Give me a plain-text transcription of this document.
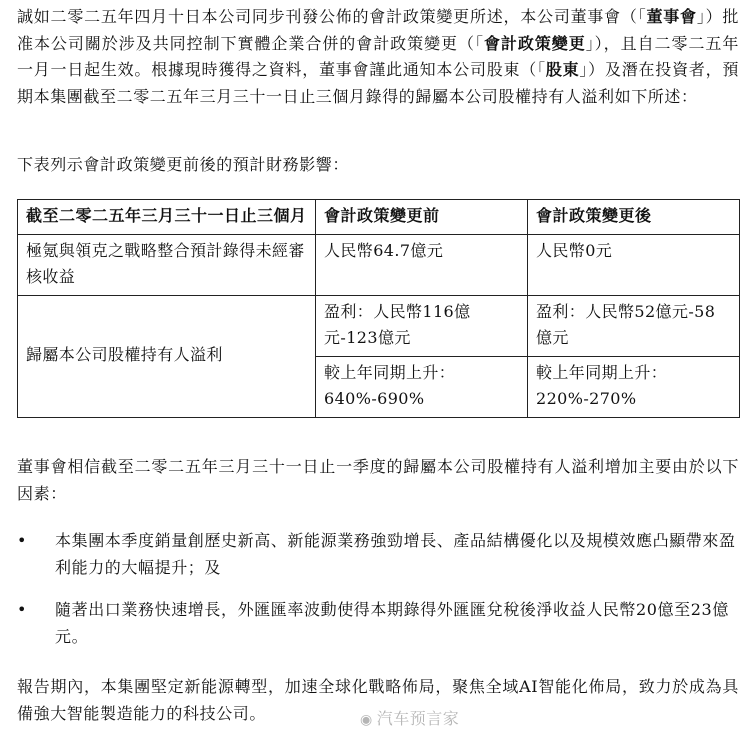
誠如二零二五年四月十日本公司同步刊發公佈的會計政策變更所述，本公司董事會（「董事會」）批准本公司關於涉及共同控制下實體企業合併的會計政策變更（「會計政策變更」），且自二零二五年一月一日起生效。根據現時獲得之資料，董事會謹此通知本公司股東（「股東」）及潛在投資者，預期本集團截至二零二五年三月三十一日止三個月錄得的歸屬本公司股權持有人溢利如下所述：
下表列示會計政策變更前後的預計財務影響：
截至二零二五年三月三十一日止三個月	會計政策變更前	會計政策變更後
極氪與領克之戰略整合預計錄得未經審核收益	人民幣64.7億元	人民幣0元
歸屬本公司股權持有人溢利	盈利：人民幣116億元-123億元	盈利：人民幣52億元-58億元
	較上年同期上升：640%-690%	較上年同期上升：220%-270%
董事會相信截至二零二五年三月三十一日止一季度的歸屬本公司股權持有人溢利增加主要由於以下因素：
•	本集團本季度銷量創歷史新高、新能源業務強勁增長、產品結構優化以及規模效應凸顯帶來盈利能力的大幅提升；及
•	隨著出口業務快速增長，外匯匯率波動使得本期錄得外匯匯兌稅後淨收益人民幣20億至23億元。
報告期內，本集團堅定新能源轉型，加速全球化戰略佈局，聚焦全域AI智能化佈局，致力於成為具備強大智能製造能力的科技公司。	◉ 汽车预言家
